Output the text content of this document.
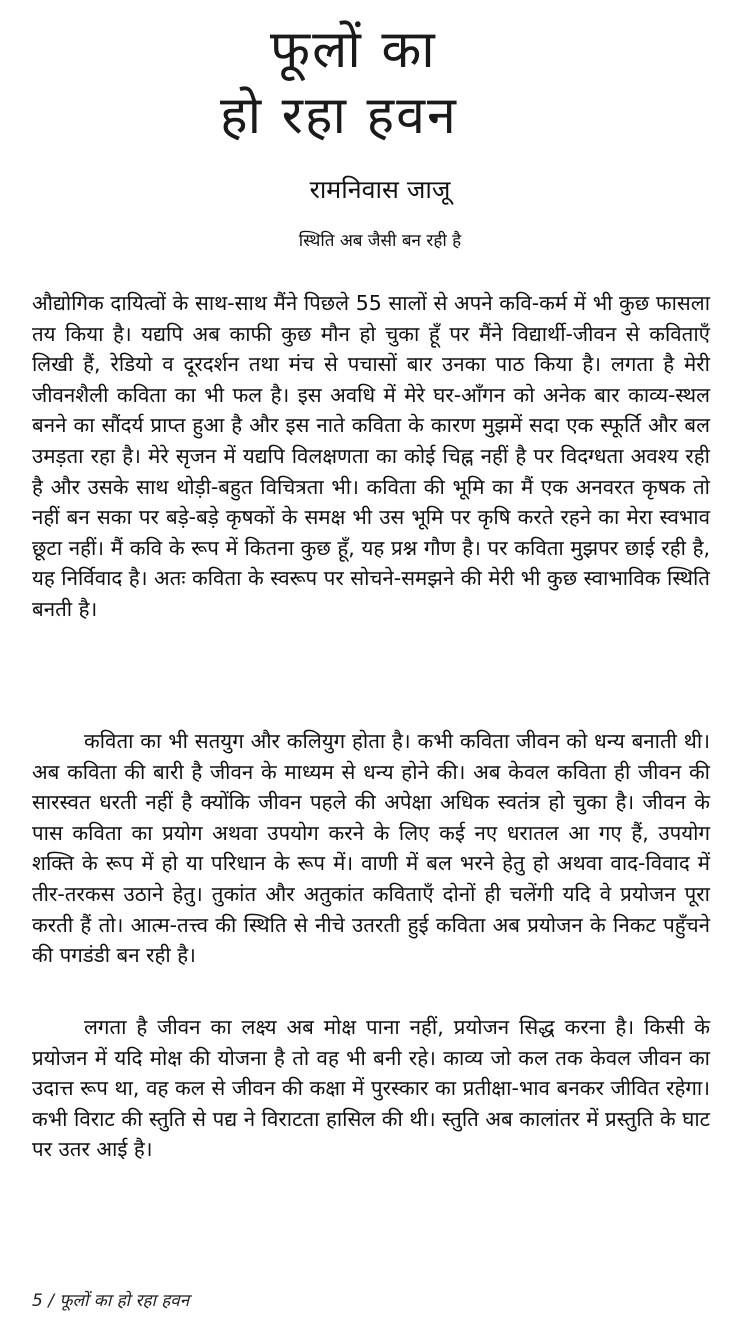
फूलों का
हो रहा हवन
रामनिवास जाजू
स्थिति अब जैसी बन रही है

औद्योगिक दायित्वों के साथ-साथ मैंने पिछले 55 सालों से अपने कवि-कर्म में भी कुछ फासला तय किया है। यद्यपि अब काफी कुछ मौन हो चुका हूँ पर मैंने विद्यार्थी-जीवन से कविताएँ लिखी हैं, रेडियो व दूरदर्शन तथा मंच से पचासों बार उनका पाठ किया है। लगता है मेरी जीवनशैली कविता का भी फल है। इस अवधि में मेरे घर-आँगन को अनेक बार काव्य-स्थल बनने का सौंदर्य प्राप्त हुआ है और इस नाते कविता के कारण मुझमें सदा एक स्फूर्ति और बल उमड़ता रहा है। मेरे सृजन में यद्यपि विलक्षणता का कोई चिह्न नहीं है पर विदग्धता अवश्य रही है और उसके साथ थोड़ी-बहुत विचित्रता भी। कविता की भूमि का मैं एक अनवरत कृषक तो नहीं बन सका पर बड़े-बड़े कृषकों के समक्ष भी उस भूमि पर कृषि करते रहने का मेरा स्वभाव छूटा नहीं। मैं कवि के रूप में कितना कुछ हूँ, यह प्रश्न गौण है। पर कविता मुझपर छाई रही है, यह निर्विवाद है। अतः कविता के स्वरूप पर सोचने-समझने की मेरी भी कुछ स्वाभाविक स्थिति बनती है।

कविता का भी सतयुग और कलियुग होता है। कभी कविता जीवन को धन्य बनाती थी। अब कविता की बारी है जीवन के माध्यम से धन्य होने की। अब केवल कविता ही जीवन की सारस्वत धरती नहीं है क्योंकि जीवन पहले की अपेक्षा अधिक स्वतंत्र हो चुका है। जीवन के पास कविता का प्रयोग अथवा उपयोग करने के लिए कई नए धरातल आ गए हैं, उपयोग शक्ति के रूप में हो या परिधान के रूप में। वाणी में बल भरने हेतु हो अथवा वाद-विवाद में तीर-तरकस उठाने हेतु। तुकांत और अतुकांत कविताएँ दोनों ही चलेंगी यदि वे प्रयोजन पूरा करती हैं तो। आत्म-तत्त्व की स्थिति से नीचे उतरती हुई कविता अब प्रयोजन के निकट पहुँचने की पगडंडी बन रही है।

लगता है जीवन का लक्ष्य अब मोक्ष पाना नहीं, प्रयोजन सिद्ध करना है। किसी के प्रयोजन में यदि मोक्ष की योजना है तो वह भी बनी रहे। काव्य जो कल तक केवल जीवन का उदात्त रूप था, वह कल से जीवन की कक्षा में पुरस्कार का प्रतीक्षा-भाव बनकर जीवित रहेगा। कभी विराट की स्तुति से पद्य ने विराटता हासिल की थी। स्तुति अब कालांतर में प्रस्तुति के घाट पर उतर आई है।

5 / फूलों का हो रहा हवन
